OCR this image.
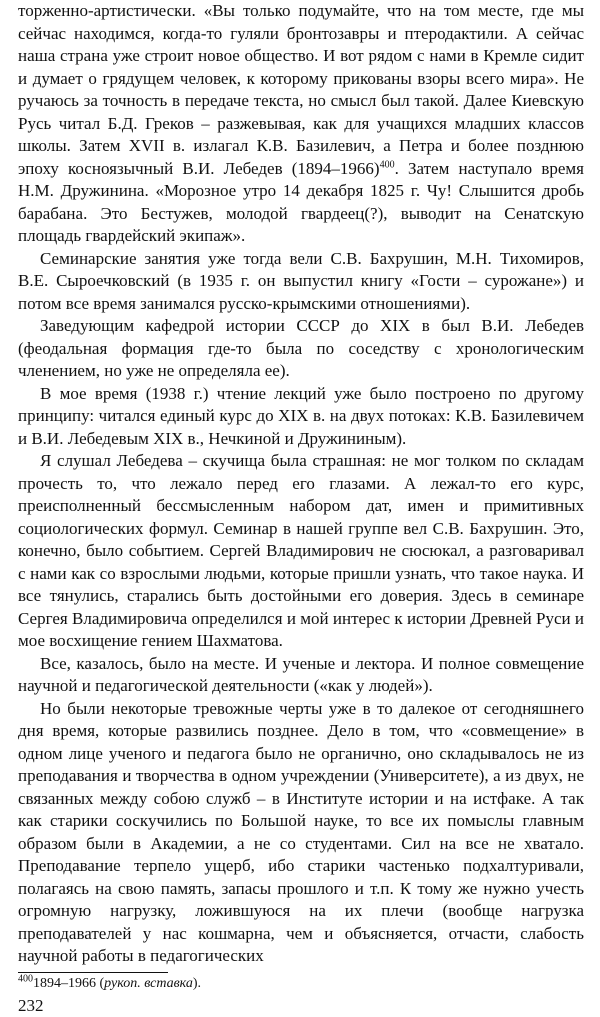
торженно-артистически. «Вы только подумайте, что на том месте, где мы сейчас находимся, когда-то гуляли бронтозавры и птеродактили. А сейчас наша страна уже строит новое общество. И вот рядом с нами в Кремле сидит и думает о грядущем человек, к которому прикованы взоры всего мира». Не ручаюсь за точность в передаче текста, но смысл был такой. Далее Киевскую Русь читал Б.Д. Греков – разжевывая, как для учащихся младших классов школы. Затем XVII в. излагал К.В. Базилевич, а Петра и более позднюю эпоху косноязычный В.И. Лебедев (1894–1966)$^{400}$. Затем наступало время Н.М. Дружинина. «Морозное утро 14 декабря 1825 г. Чу! Слышится дробь барабана. Это Бестужев, молодой гвардеец(?), выводит на Сенатскую площадь гвардейский экипаж».

Семинарские занятия уже тогда вели С.В. Бахрушин, М.Н. Тихомиров, В.Е. Сыроечковский (в 1935 г. он выпустил книгу «Гости – сурожане») и потом все время занимался русско-крымскими отношениями).

Заведующим кафедрой истории СССР до XIX в был В.И. Лебедев (феодальная формация где-то была по соседству с хронологическим членением, но уже не определяла ее).

В мое время (1938 г.) чтение лекций уже было построено по другому принципу: читался единый курс до XIX в. на двух потоках: К.В. Базилевичем и В.И. Лебедевым XIX в., Нечкиной и Дружининым).

Я слушал Лебедева – скучища была страшная: не мог толком по складам прочесть то, что лежало перед его глазами. А лежал-то его курс, преисполненный бессмысленным набором дат, имен и примитивных социологических формул. Семинар в нашей группе вел С.В. Бахрушин. Это, конечно, было событием. Сергей Владимирович не сюсюкал, а разговаривал с нами как со взрослыми людьми, которые пришли узнать, что такое наука. И все тянулись, старались быть достойными его доверия. Здесь в семинаре Сергея Владимировича определился и мой интерес к истории Древней Руси и мое восхищение гением Шахматова.

Все, казалось, было на месте. И ученые и лектора. И полное совмещение научной и педагогической деятельности («как у людей»).

Но были некоторые тревожные черты уже в то далекое от сегодняшнего дня время, которые развились позднее. Дело в том, что «совмещение» в одном лице ученого и педагога было не органично, оно складывалось не из преподавания и творчества в одном учреждении (Университете), а из двух, не связанных между собою служб – в Институте истории и на истфаке. А так как старики соскучились по Большой науке, то все их помыслы главным образом были в Академии, а не со студентами. Сил на все не хватало. Преподавание терпело ущерб, ибо старики частенько подхалтуривали, полагаясь на свою память, запасы прошлого и т.п. К тому же нужно учесть огромную нагрузку, ложившуюся на их плечи (вообще нагрузка преподавателей у нас кошмарна, чем и объясняется, отчасти, слабость научной работы в педагогических

$^{400}$1894–1966 (рукоп. вставка).

232
